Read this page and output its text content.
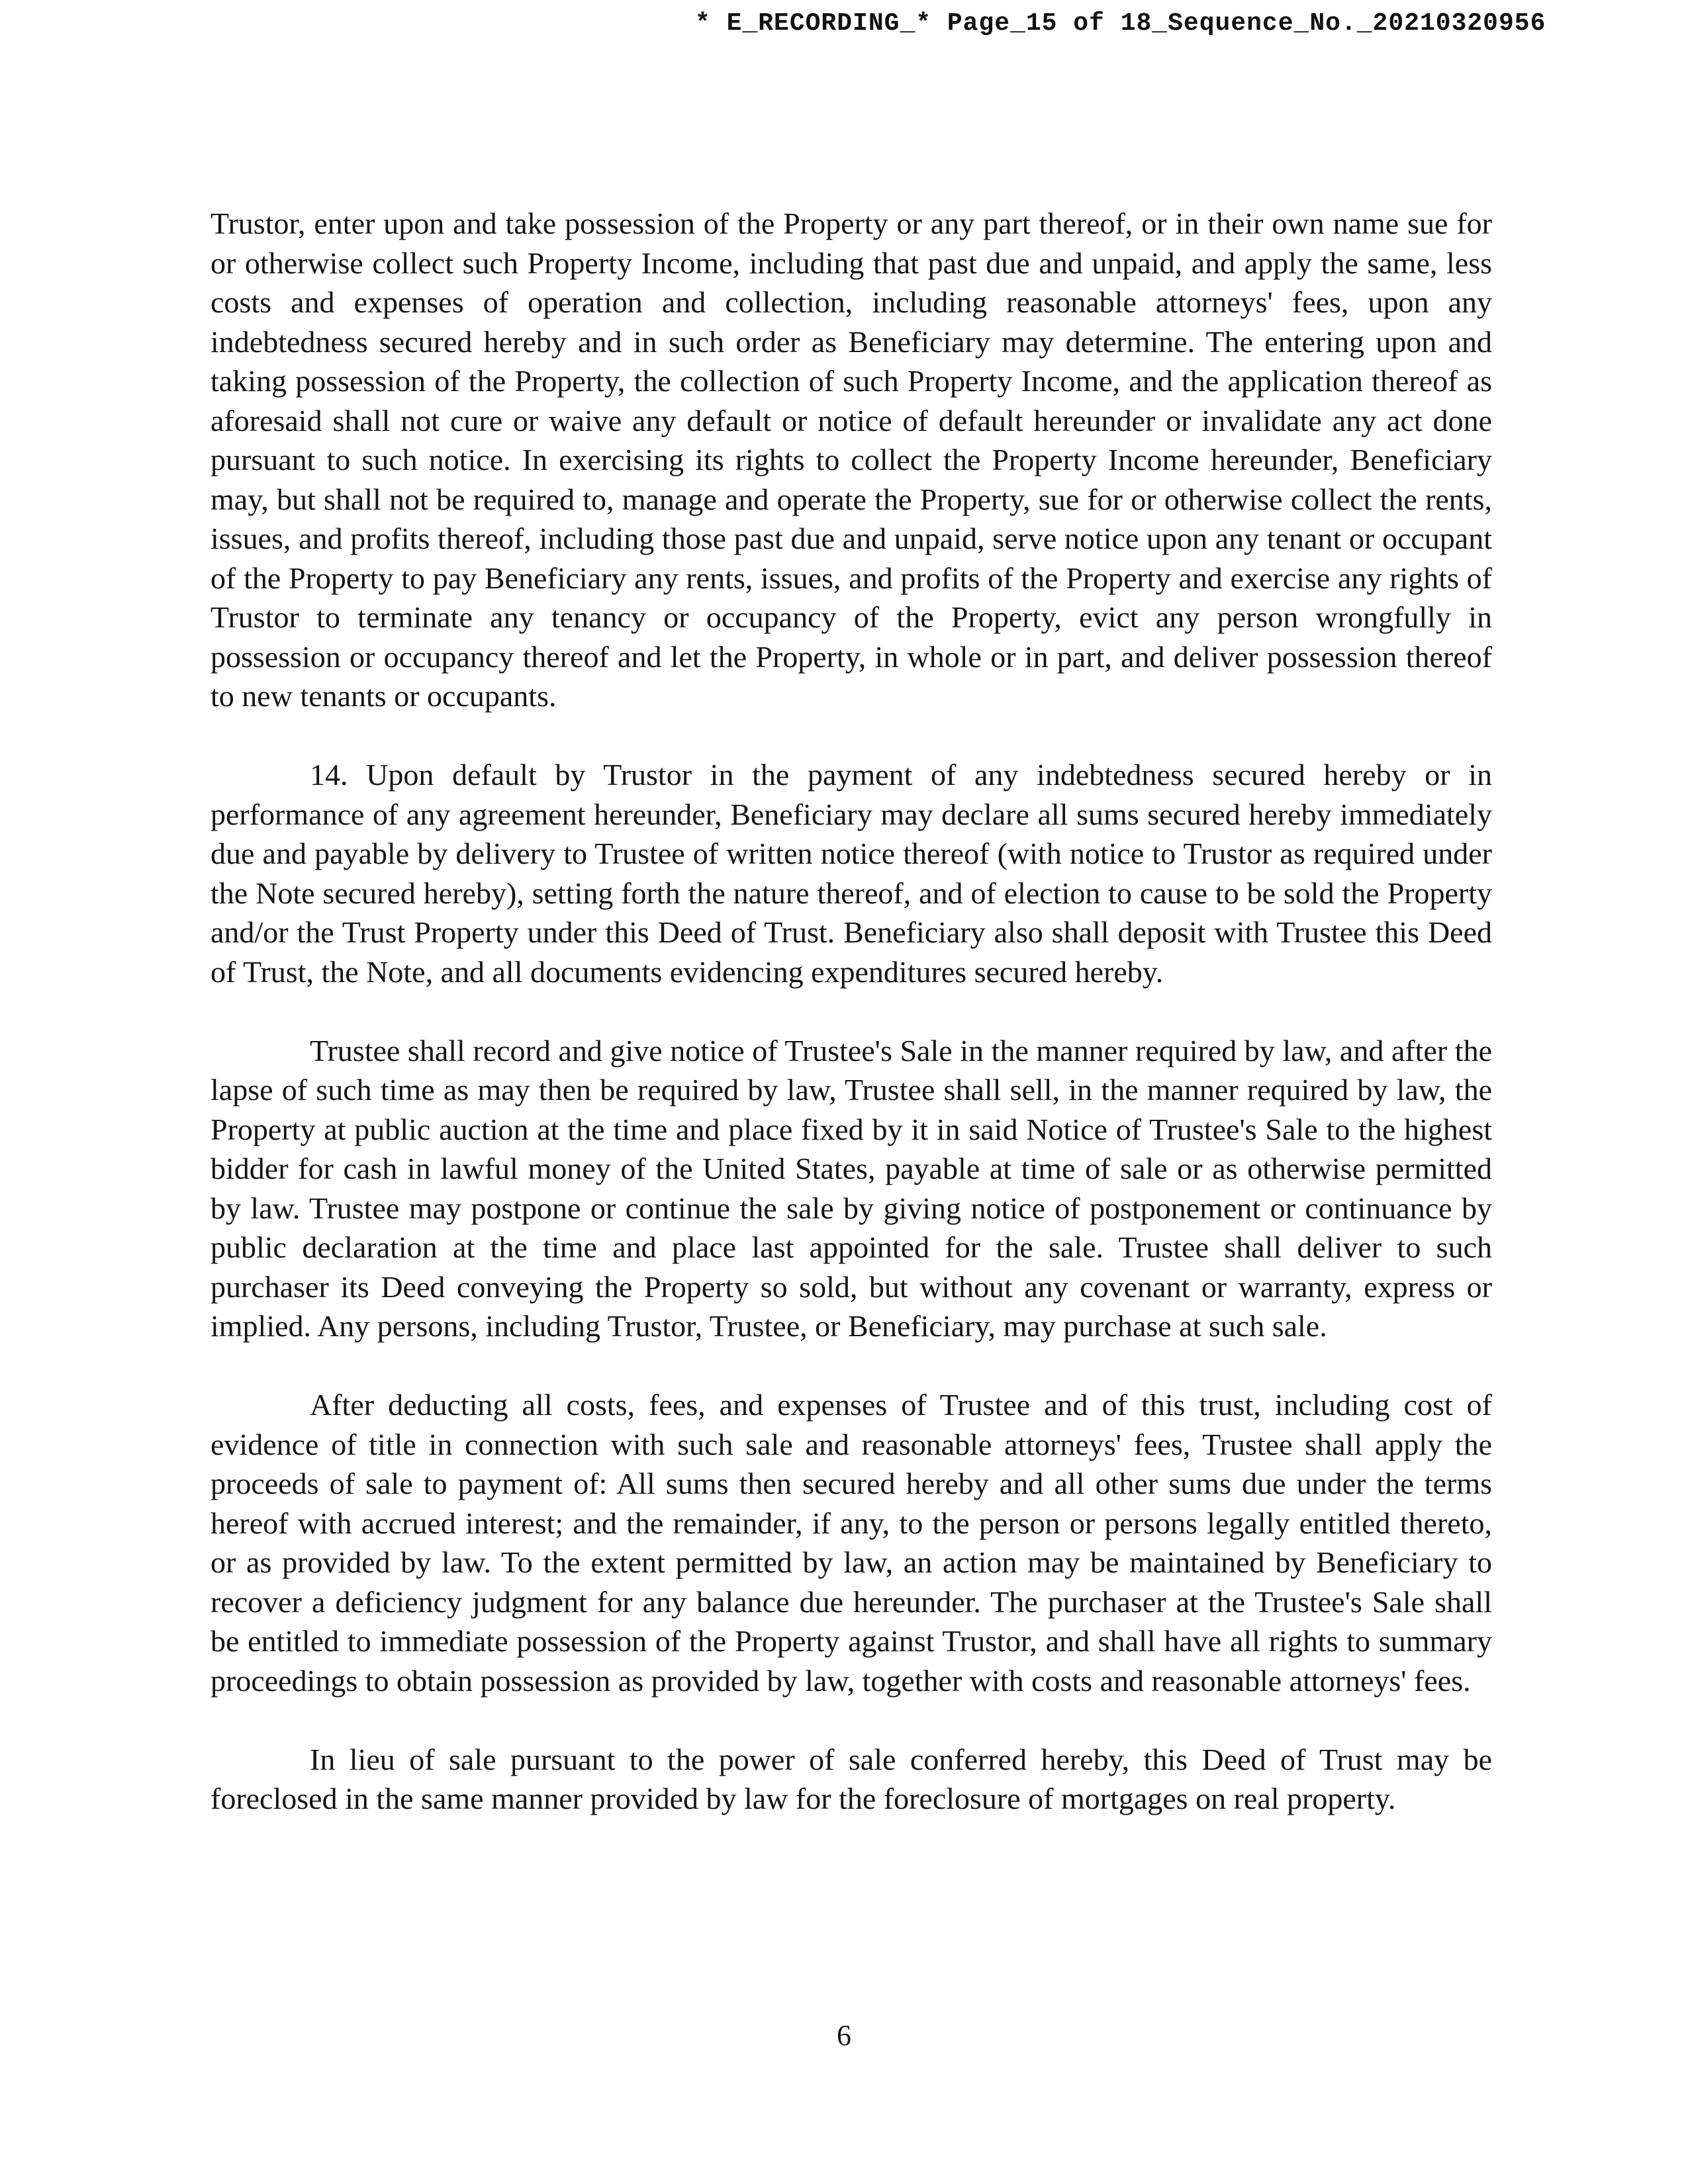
* E_RECORDING_* Page_15 of 18_Sequence_No._20210320956

Trustor, enter upon and take possession of the Property or any part thereof, or in their own name sue for or otherwise collect such Property Income, including that past due and unpaid, and apply the same, less costs and expenses of operation and collection, including reasonable attorneys' fees, upon any indebtedness secured hereby and in such order as Beneficiary may determine. The entering upon and taking possession of the Property, the collection of such Property Income, and the application thereof as aforesaid shall not cure or waive any default or notice of default hereunder or invalidate any act done pursuant to such notice. In exercising its rights to collect the Property Income hereunder, Beneficiary may, but shall not be required to, manage and operate the Property, sue for or otherwise collect the rents, issues, and profits thereof, including those past due and unpaid, serve notice upon any tenant or occupant of the Property to pay Beneficiary any rents, issues, and profits of the Property and exercise any rights of Trustor to terminate any tenancy or occupancy of the Property, evict any person wrongfully in possession or occupancy thereof and let the Property, in whole or in part, and deliver possession thereof to new tenants or occupants.

14. Upon default by Trustor in the payment of any indebtedness secured hereby or in performance of any agreement hereunder, Beneficiary may declare all sums secured hereby immediately due and payable by delivery to Trustee of written notice thereof (with notice to Trustor as required under the Note secured hereby), setting forth the nature thereof, and of election to cause to be sold the Property and/or the Trust Property under this Deed of Trust. Beneficiary also shall deposit with Trustee this Deed of Trust, the Note, and all documents evidencing expenditures secured hereby.

Trustee shall record and give notice of Trustee's Sale in the manner required by law, and after the lapse of such time as may then be required by law, Trustee shall sell, in the manner required by law, the Property at public auction at the time and place fixed by it in said Notice of Trustee's Sale to the highest bidder for cash in lawful money of the United States, payable at time of sale or as otherwise permitted by law. Trustee may postpone or continue the sale by giving notice of postponement or continuance by public declaration at the time and place last appointed for the sale. Trustee shall deliver to such purchaser its Deed conveying the Property so sold, but without any covenant or warranty, express or implied. Any persons, including Trustor, Trustee, or Beneficiary, may purchase at such sale.

After deducting all costs, fees, and expenses of Trustee and of this trust, including cost of evidence of title in connection with such sale and reasonable attorneys' fees, Trustee shall apply the proceeds of sale to payment of: All sums then secured hereby and all other sums due under the terms hereof with accrued interest; and the remainder, if any, to the person or persons legally entitled thereto, or as provided by law. To the extent permitted by law, an action may be maintained by Beneficiary to recover a deficiency judgment for any balance due hereunder. The purchaser at the Trustee's Sale shall be entitled to immediate possession of the Property against Trustor, and shall have all rights to summary proceedings to obtain possession as provided by law, together with costs and reasonable attorneys' fees.

In lieu of sale pursuant to the power of sale conferred hereby, this Deed of Trust may be foreclosed in the same manner provided by law for the foreclosure of mortgages on real property.

6
